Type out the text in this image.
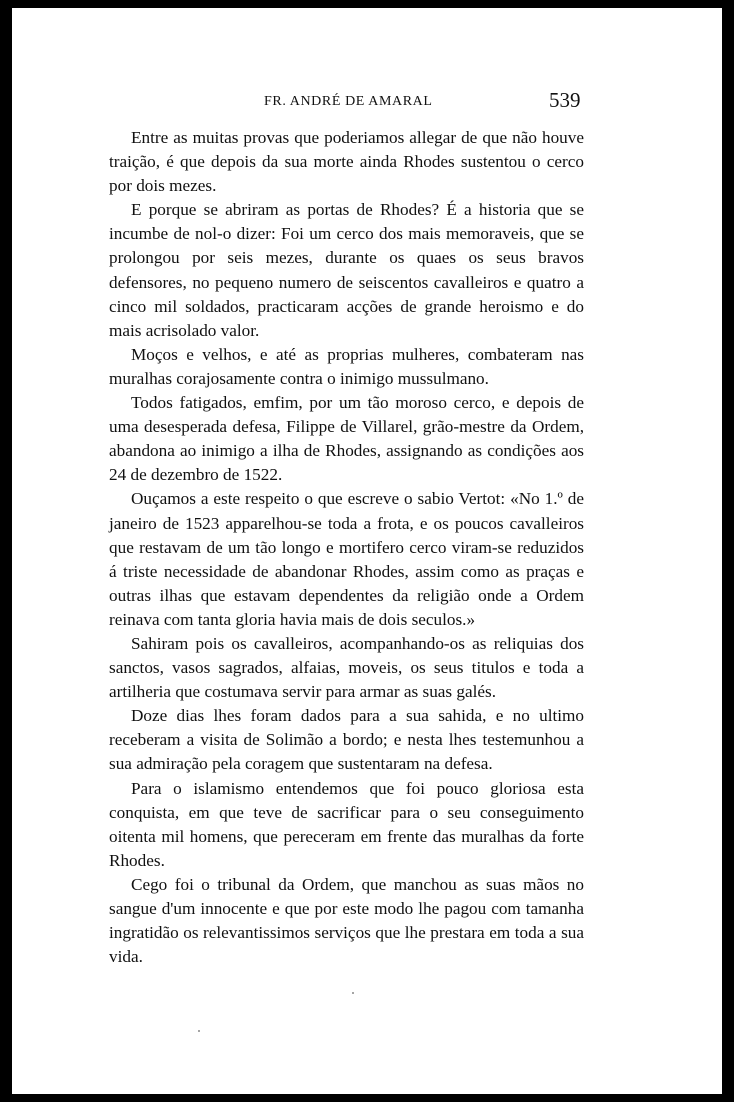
FR. ANDRÉ DE AMARAL	539

Entre as muitas provas que poderiamos allegar de que não houve traição, é que depois da sua morte ainda Rhodes sustentou o cerco por dois mezes.

E porque se abriram as portas de Rhodes? É a historia que se incumbe de nol-o dizer: Foi um cerco dos mais memoraveis, que se prolongou por seis mezes, durante os quaes os seus bravos defensores, no pequeno numero de seiscentos cavalleiros e quatro a cinco mil soldados, practicaram acções de grande heroismo e do mais acrisolado valor.

Moços e velhos, e até as proprias mulheres, combateram nas muralhas corajosamente contra o inimigo mussulmano.

Todos fatigados, emfim, por um tão moroso cerco, e depois de uma desesperada defesa, Filippe de Villarel, grão-mestre da Ordem, abandona ao inimigo a ilha de Rhodes, assignando as condições aos 24 de dezembro de 1522.

Ouçamos a este respeito o que escreve o sabio Vertot: «No 1.º de janeiro de 1523 apparelhou-se toda a frota, e os poucos cavalleiros que restavam de um tão longo e mortifero cerco viram-se reduzidos á triste necessidade de abandonar Rhodes, assim como as praças e outras ilhas que estavam dependentes da religião onde a Ordem reinava com tanta gloria havia mais de dois seculos.»

Sahiram pois os cavalleiros, acompanhando-os as reliquias dos sanctos, vasos sagrados, alfaias, moveis, os seus titulos e toda a artilheria que costumava servir para armar as suas galés.

Doze dias lhes foram dados para a sua sahida, e no ultimo receberam a visita de Solimão a bordo; e nesta lhes testemunhou a sua admiração pela coragem que sustentaram na defesa.

Para o islamismo entendemos que foi pouco gloriosa esta conquista, em que teve de sacrificar para o seu conseguimento oitenta mil homens, que pereceram em frente das muralhas da forte Rhodes.

Cego foi o tribunal da Ordem, que manchou as suas mãos no sangue d'um innocente e que por este modo lhe pagou com tamanha ingratidão os relevantissimos serviços que lhe prestara em toda a sua vida.
